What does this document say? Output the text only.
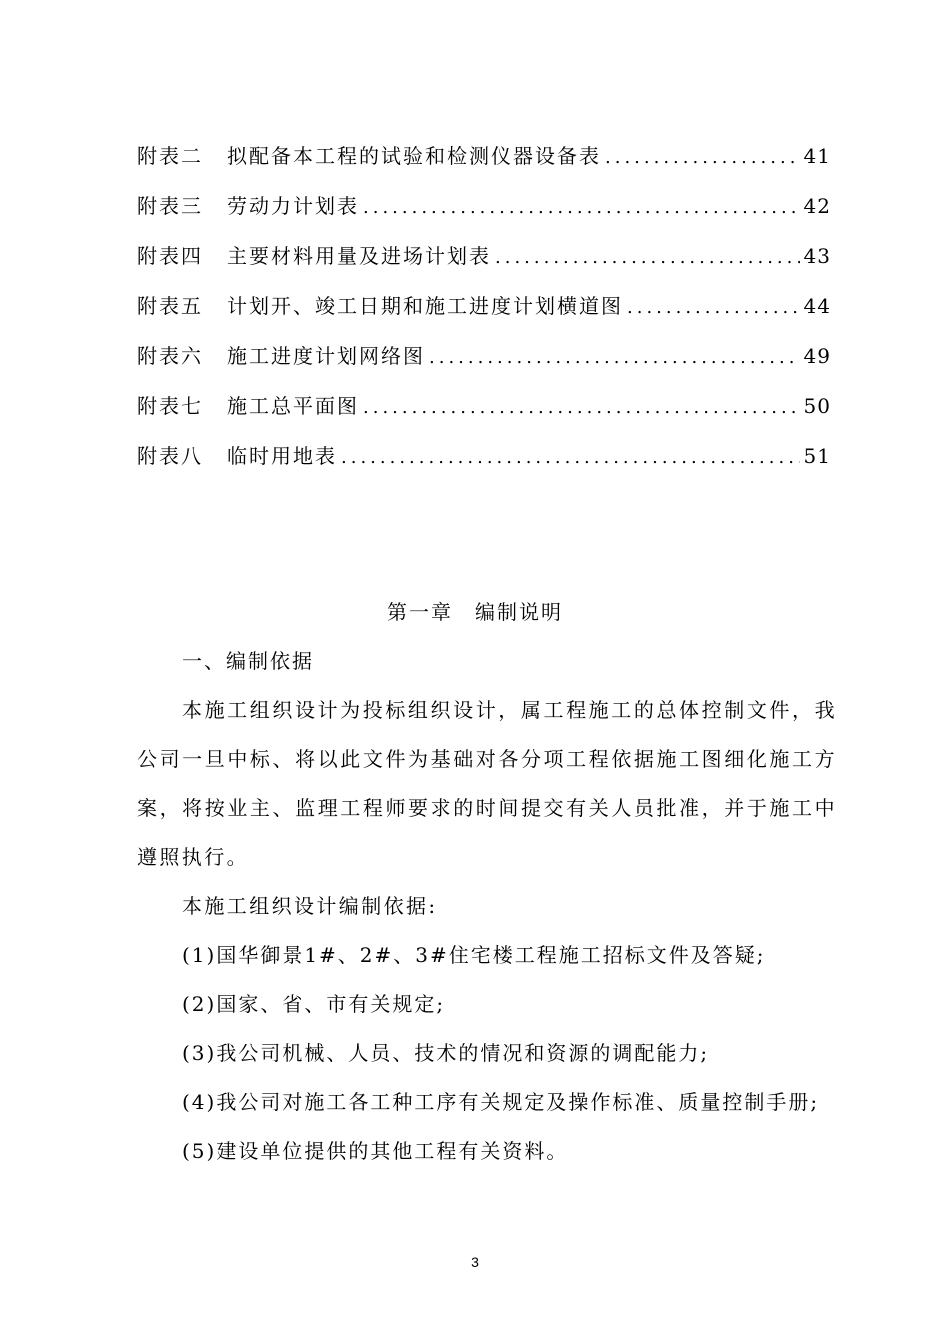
附表二	拟配备本工程的试验和检测仪器设备表 .....	41
附表三	劳动力计划表 .....	42
附表四	主要材料用量及进场计划表 .....	43
附表五	计划开、竣工日期和施工进度计划横道图 .....	44
附表六	施工进度计划网络图 .....	49
附表七	施工总平面图 .....	50
附表八	临时用地表 .....	51
第一章　编制说明
一、编制依据
本施工组织设计为投标组织设计，属工程施工的总体控制文件，我公司一旦中标、将以此文件为基础对各分项工程依据施工图细化施工方案，将按业主、监理工程师要求的时间提交有关人员批准，并于施工中遵照执行。
本施工组织设计编制依据:
(1)国华御景1#、2#、3#住宅楼工程施工招标文件及答疑;
(2)国家、省、市有关规定;
(3)我公司机械、人员、技术的情况和资源的调配能力;
(4)我公司对施工各工种工序有关规定及操作标准、质量控制手册;
(5)建设单位提供的其他工程有关资料。
3
